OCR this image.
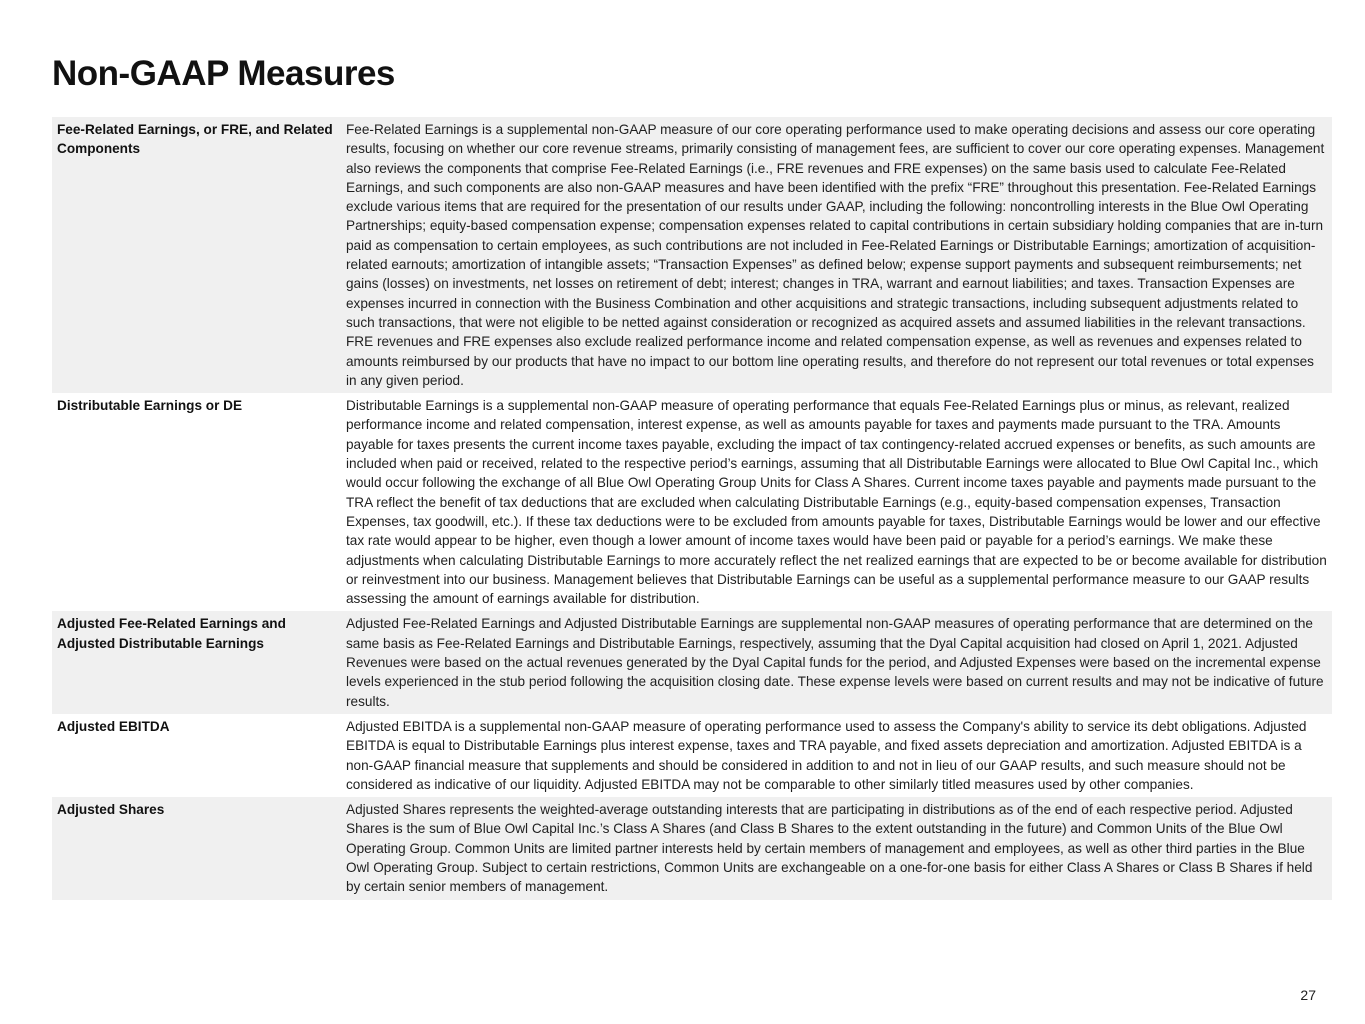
Non-GAAP Measures
Fee-Related Earnings, or FRE, and Related Components	Fee-Related Earnings is a supplemental non-GAAP measure of our core operating performance used to make operating decisions and assess our core operating results, focusing on whether our core revenue streams, primarily consisting of management fees, are sufficient to cover our core operating expenses. Management also reviews the components that comprise Fee-Related Earnings (i.e., FRE revenues and FRE expenses) on the same basis used to calculate Fee-Related Earnings, and such components are also non-GAAP measures and have been identified with the prefix “FRE” throughout this presentation. Fee-Related Earnings exclude various items that are required for the presentation of our results under GAAP, including the following: noncontrolling interests in the Blue Owl Operating Partnerships; equity-based compensation expense; compensation expenses related to capital contributions in certain subsidiary holding companies that are in-turn paid as compensation to certain employees, as such contributions are not included in Fee-Related Earnings or Distributable Earnings; amortization of acquisition-related earnouts; amortization of intangible assets; “Transaction Expenses” as defined below; expense support payments and subsequent reimbursements; net gains (losses) on investments, net losses on retirement of debt; interest; changes in TRA, warrant and earnout liabilities; and taxes. Transaction Expenses are expenses incurred in connection with the Business Combination and other acquisitions and strategic transactions, including subsequent adjustments related to such transactions, that were not eligible to be netted against consideration or recognized as acquired assets and assumed liabilities in the relevant transactions. FRE revenues and FRE expenses also exclude realized performance income and related compensation expense, as well as revenues and expenses related to amounts reimbursed by our products that have no impact to our bottom line operating results, and therefore do not represent our total revenues or total expenses in any given period.
Distributable Earnings or DE	Distributable Earnings is a supplemental non-GAAP measure of operating performance that equals Fee-Related Earnings plus or minus, as relevant, realized performance income and related compensation, interest expense, as well as amounts payable for taxes and payments made pursuant to the TRA. Amounts payable for taxes presents the current income taxes payable, excluding the impact of tax contingency-related accrued expenses or benefits, as such amounts are included when paid or received, related to the respective period’s earnings, assuming that all Distributable Earnings were allocated to Blue Owl Capital Inc., which would occur following the exchange of all Blue Owl Operating Group Units for Class A Shares. Current income taxes payable and payments made pursuant to the TRA reflect the benefit of tax deductions that are excluded when calculating Distributable Earnings (e.g., equity-based compensation expenses, Transaction Expenses, tax goodwill, etc.). If these tax deductions were to be excluded from amounts payable for taxes, Distributable Earnings would be lower and our effective tax rate would appear to be higher, even though a lower amount of income taxes would have been paid or payable for a period’s earnings. We make these adjustments when calculating Distributable Earnings to more accurately reflect the net realized earnings that are expected to be or become available for distribution or reinvestment into our business. Management believes that Distributable Earnings can be useful as a supplemental performance measure to our GAAP results assessing the amount of earnings available for distribution.
Adjusted Fee-Related Earnings and Adjusted Distributable Earnings	Adjusted Fee-Related Earnings and Adjusted Distributable Earnings are supplemental non-GAAP measures of operating performance that are determined on the same basis as Fee-Related Earnings and Distributable Earnings, respectively, assuming that the Dyal Capital acquisition had closed on April 1, 2021. Adjusted Revenues were based on the actual revenues generated by the Dyal Capital funds for the period, and Adjusted Expenses were based on the incremental expense levels experienced in the stub period following the acquisition closing date. These expense levels were based on current results and may not be indicative of future results.
Adjusted EBITDA	Adjusted EBITDA is a supplemental non-GAAP measure of operating performance used to assess the Company's ability to service its debt obligations. Adjusted EBITDA is equal to Distributable Earnings plus interest expense, taxes and TRA payable, and fixed assets depreciation and amortization. Adjusted EBITDA is a non-GAAP financial measure that supplements and should be considered in addition to and not in lieu of our GAAP results, and such measure should not be considered as indicative of our liquidity. Adjusted EBITDA may not be comparable to other similarly titled measures used by other companies.
Adjusted Shares	Adjusted Shares represents the weighted-average outstanding interests that are participating in distributions as of the end of each respective period. Adjusted Shares is the sum of Blue Owl Capital Inc.’s Class A Shares (and Class B Shares to the extent outstanding in the future) and Common Units of the Blue Owl Operating Group. Common Units are limited partner interests held by certain members of management and employees, as well as other third parties in the Blue Owl Operating Group. Subject to certain restrictions, Common Units are exchangeable on a one-for-one basis for either Class A Shares or Class B Shares if held by certain senior members of management.
27
